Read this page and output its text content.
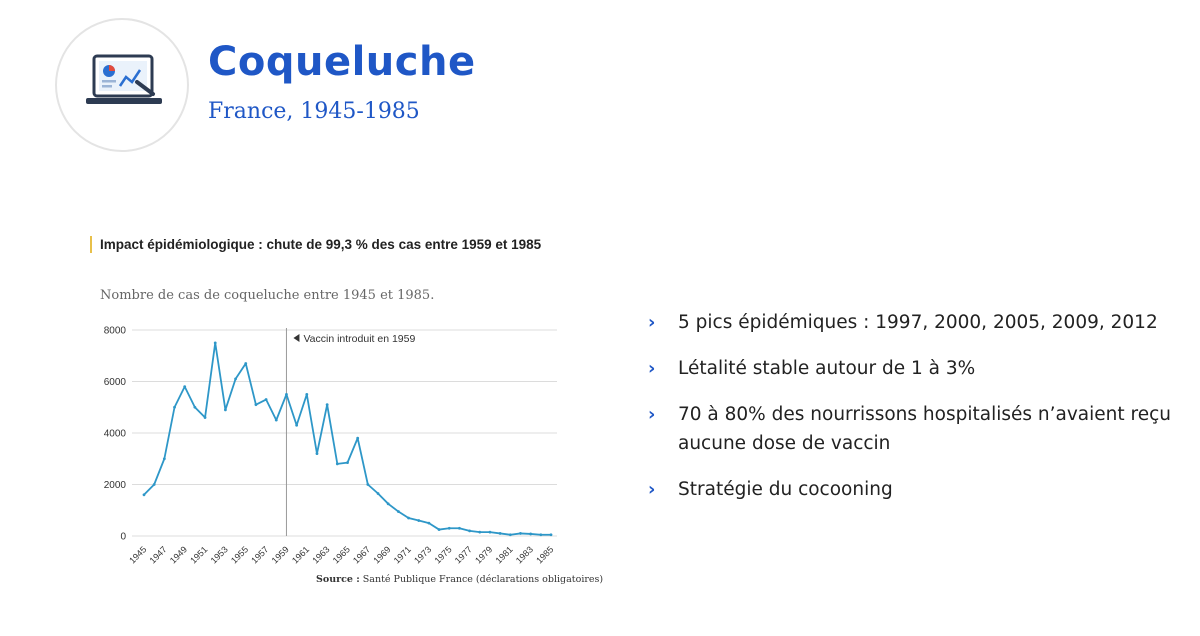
Coqueluche
France, 1945-1985
Impact épidémiologique : chute de 99,3 % des cas entre 1959 et 1985
Nombre de cas de coqueluche entre 1945 et 1985.
0
2000
4000
6000
8000
1945 1947 1949 1951 1953 1955 1957 1959 1961 1963 1965 1967 1969 1971 1973 1975 1977 1979 1981 1983 1985
Vaccin introduit en 1959
Source : Santé Publique France (déclarations obligatoires)
› 5 pics épidémiques : 1997, 2000, 2005, 2009, 2012
› Létalité stable autour de 1 à 3%
› 70 à 80% des nourrissons hospitalisés n’avaient reçu aucune dose de vaccin
› Stratégie du cocooning
